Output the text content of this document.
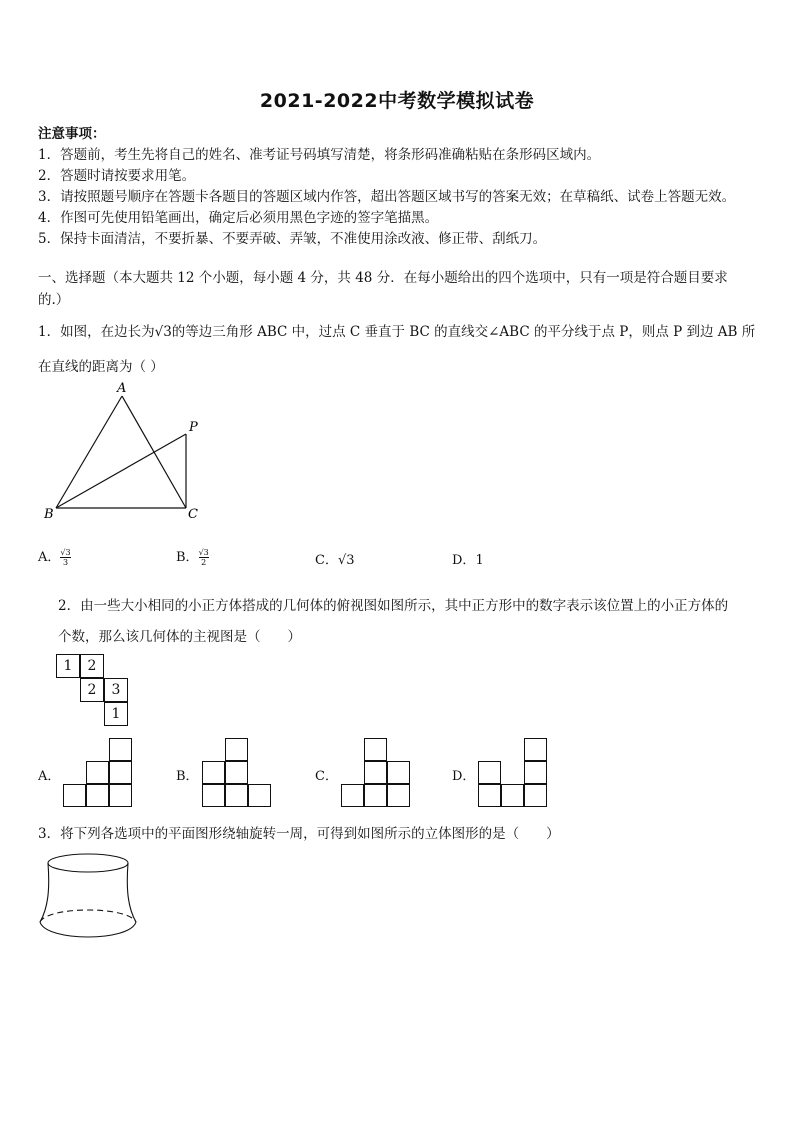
2021-2022中考数学模拟试卷
注意事项：
1．答题前，考生先将自己的姓名、准考证号码填写清楚，将条形码准确粘贴在条形码区域内。
2．答题时请按要求用笔。
3．请按照题号顺序在答题卡各题目的答题区域内作答，超出答题区域书写的答案无效；在草稿纸、试卷上答题无效。
4．作图可先使用铅笔画出，确定后必须用黑色字迹的签字笔描黑。
5．保持卡面清洁，不要折暴、不要弄破、弄皱，不准使用涂改液、修正带、刮纸刀。
一、选择题（本大题共 12 个小题，每小题 4 分，共 48 分．在每小题给出的四个选项中，只有一项是符合题目要求
的.）
1．如图，在边长为√3的等边三角形 ABC 中，过点 C 垂直于 BC 的直线交∠ABC 的平分线于点 P，则点 P 到边 AB 所
在直线的距离为（ ）
A
B	C
P
A．$\frac{√3}{3}$	B．$\frac{√3}{2}$	C．√3	D．1
2．由一些大小相同的小正方体搭成的几何体的俯视图如图所示，其中正方形中的数字表示该位置上的小正方体的
个数，那么该几何体的主视图是（　　）
1	2
2	3
1
A．	B．	C．	D．
3．将下列各选项中的平面图形绕轴旋转一周，可得到如图所示的立体图形的是（　　）
